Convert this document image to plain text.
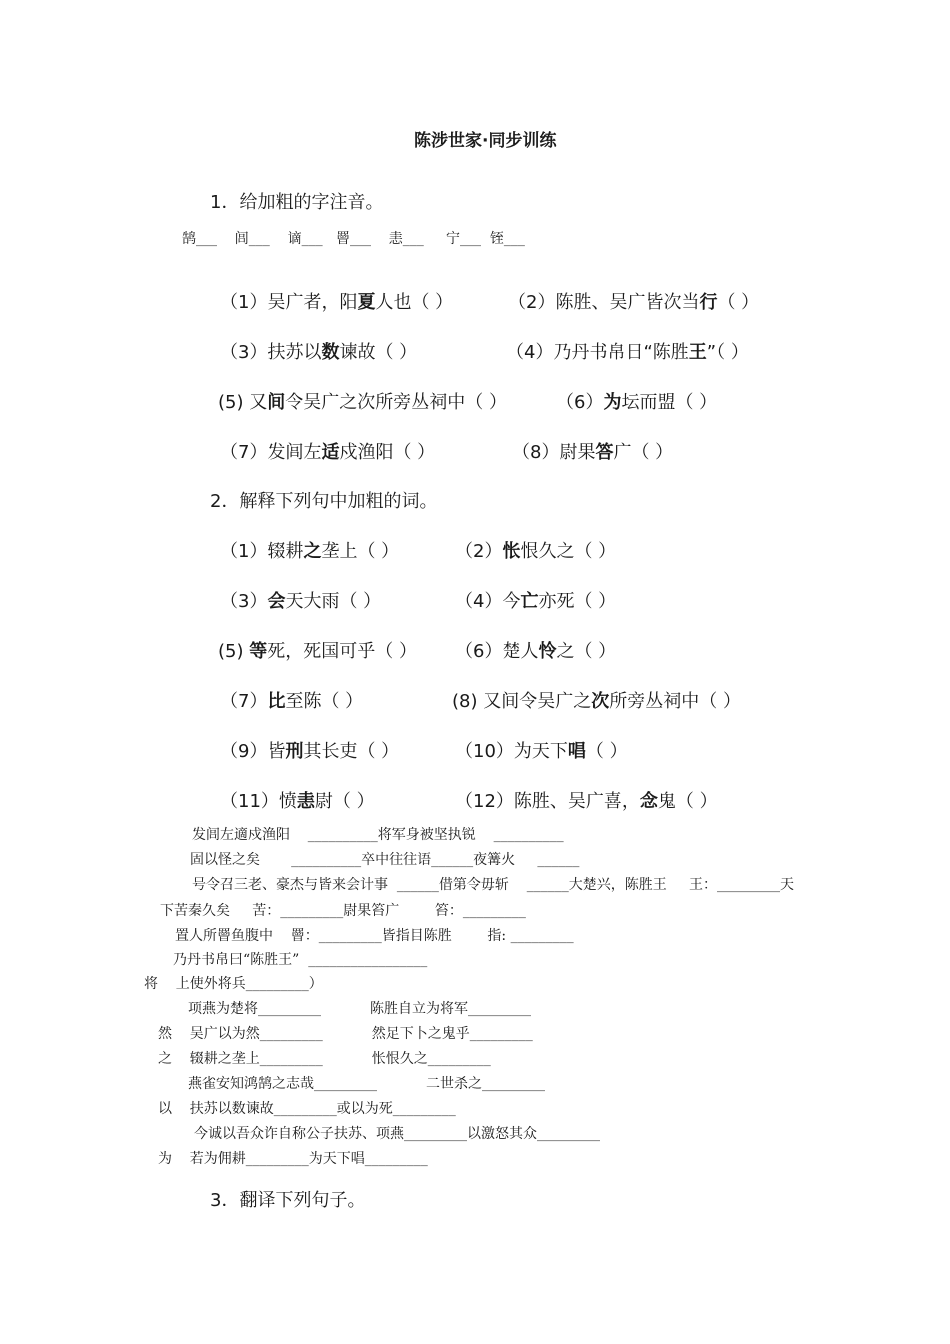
陈涉世家·同步训练
1．给加粗的字注音。
鹄___    闾___    谪___   罾___    恚___     宁___  铚___
（1）吴广者，阳夏人也（ ）	（2）陈胜、吴广皆次当行（ ）
（3）扶苏以数谏故（ ）	（4）乃丹书帛日“陈胜王”（ ）
(5) 又间令吴广之次所旁丛祠中（ ）	（6）为坛而盟（ ）
（7）发闾左适戍渔阳（ ）	（8）尉果答广（ ）
2．解释下列句中加粗的词。
（1）辍耕之垄上（ ）	（2）怅恨久之（ ）
（3）会天大雨（ ）	（4）今亡亦死（ ）
(5) 等死，死国可乎（ ） （6）楚人怜之（ ）
（7）比至陈（ ）	(8) 又间令吴广之次所旁丛祠中（ ）
（9）皆刑其长吏（ ）	（10）为天下唱（ ）
（11）愤恚尉（ ）	（12）陈胜、吴广喜，念鬼（ ）
发闾左適戍渔阳    __________将军身被坚执锐    __________
固以怪之矣       __________卒中往往语______夜篝火     ______
号令召三老、豪杰与皆来会计事  ______借第令毋斩    ______大楚兴，陈胜王     王：_________天
下苦秦久矣     苦：_________尉果笞广        笞：_________
置人所罾鱼腹中    罾：_________皆指目陈胜        指: _________
乃丹书帛曰“陈胜王”  _________________
将    上使外将兵_________）
项燕为楚将_________           陈胜自立为将军_________
然    吴广以为然_________           然足下卜之鬼乎_________
之    辍耕之垄上_________           怅恨久之_________
燕雀安知鸿鹄之志哉_________           二世杀之_________
以    扶苏以数谏故_________或以为死_________
今诚以吾众诈自称公子扶苏、项燕_________以激怒其众_________
为    若为佣耕_________为天下唱_________
3．翻译下列句子。
